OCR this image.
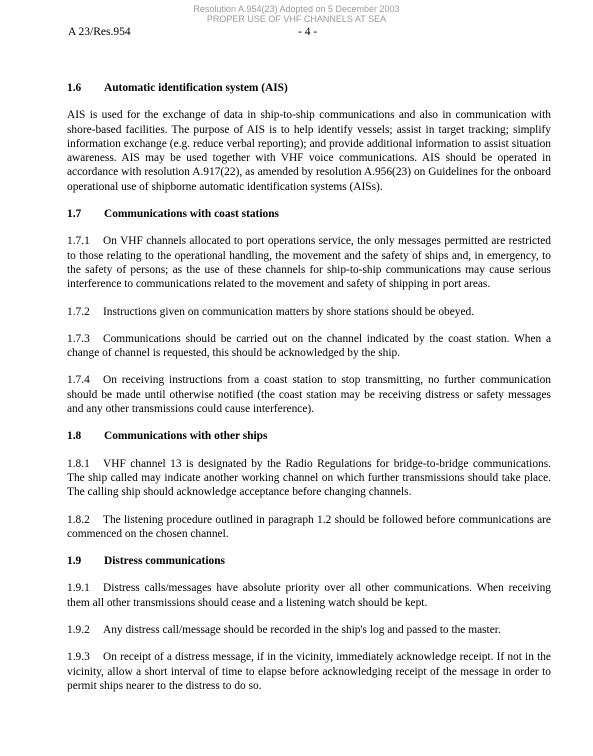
Resolution A.954(23) Adopted on 5 December 2003
PROPER USE OF VHF CHANNELS AT SEA
A 23/Res.954	- 4 -
1.6 Automatic identification system (AIS)
AIS is used for the exchange of data in ship-to-ship communications and also in communication with shore-based facilities. The purpose of AIS is to help identify vessels; assist in target tracking; simplify information exchange (e.g. reduce verbal reporting); and provide additional information to assist situation awareness. AIS may be used together with VHF voice communications. AIS should be operated in accordance with resolution A.917(22), as amended by resolution A.956(23) on Guidelines for the onboard operational use of shipborne automatic identification systems (AISs).
1.7 Communications with coast stations
1.7.1 On VHF channels allocated to port operations service, the only messages permitted are restricted to those relating to the operational handling, the movement and the safety of ships and, in emergency, to the safety of persons; as the use of these channels for ship-to-ship communications may cause serious interference to communications related to the movement and safety of shipping in port areas.
1.7.2 Instructions given on communication matters by shore stations should be obeyed.
1.7.3 Communications should be carried out on the channel indicated by the coast station. When a change of channel is requested, this should be acknowledged by the ship.
1.7.4 On receiving instructions from a coast station to stop transmitting, no further communication should be made until otherwise notified (the coast station may be receiving distress or safety messages and any other transmissions could cause interference).
1.8 Communications with other ships
1.8.1 VHF channel 13 is designated by the Radio Regulations for bridge-to-bridge communications. The ship called may indicate another working channel on which further transmissions should take place. The calling ship should acknowledge acceptance before changing channels.
1.8.2 The listening procedure outlined in paragraph 1.2 should be followed before communications are commenced on the chosen channel.
1.9 Distress communications
1.9.1 Distress calls/messages have absolute priority over all other communications. When receiving them all other transmissions should cease and a listening watch should be kept.
1.9.2 Any distress call/message should be recorded in the ship's log and passed to the master.
1.9.3 On receipt of a distress message, if in the vicinity, immediately acknowledge receipt. If not in the vicinity, allow a short interval of time to elapse before acknowledging receipt of the message in order to permit ships nearer to the distress to do so.
